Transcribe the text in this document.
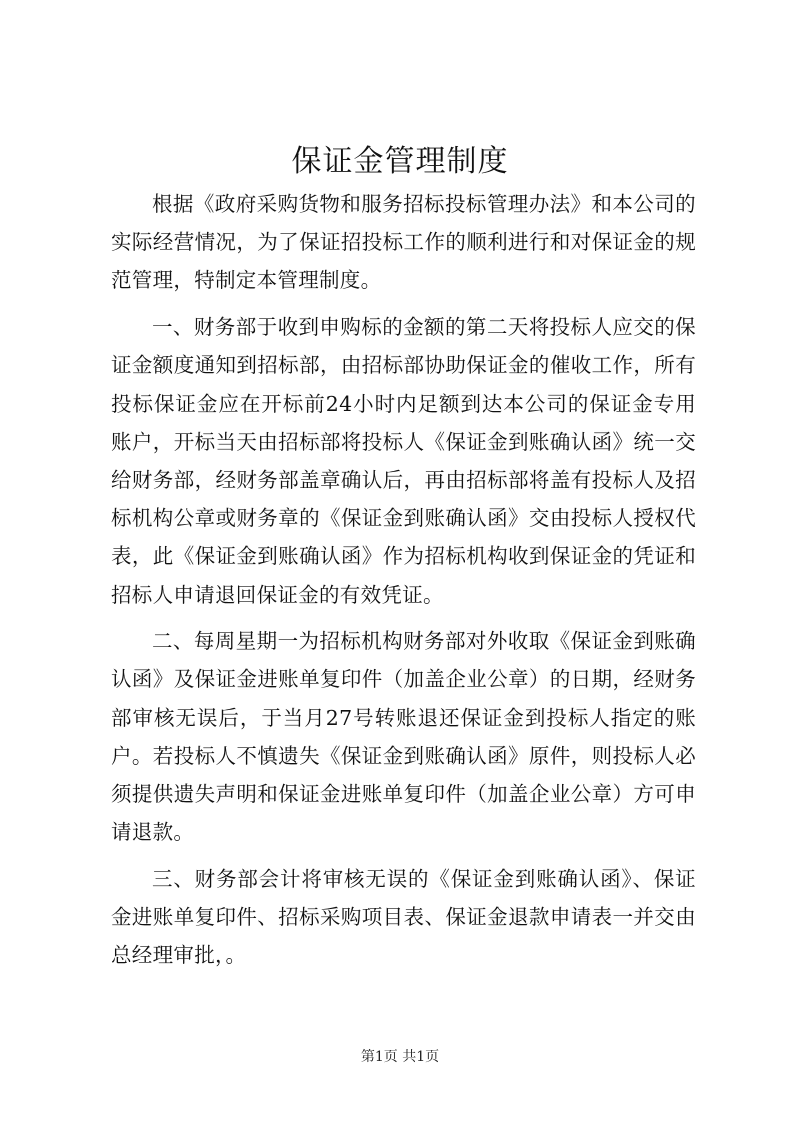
保证金管理制度

根据《政府采购货物和服务招标投标管理办法》和本公司的实际经营情况，为了保证招投标工作的顺利进行和对保证金的规范管理，特制定本管理制度。

一、财务部于收到申购标的金额的第二天将投标人应交的保证金额度通知到招标部，由招标部协助保证金的催收工作，所有投标保证金应在开标前24小时内足额到达本公司的保证金专用账户，开标当天由招标部将投标人《保证金到账确认函》统一交给财务部，经财务部盖章确认后，再由招标部将盖有投标人及招标机构公章或财务章的《保证金到账确认函》交由投标人授权代表，此《保证金到账确认函》作为招标机构收到保证金的凭证和招标人申请退回保证金的有效凭证。

二、每周星期一为招标机构财务部对外收取《保证金到账确认函》及保证金进账单复印件（加盖企业公章）的日期，经财务部审核无误后，于当月27号转账退还保证金到投标人指定的账户。若投标人不慎遗失《保证金到账确认函》原件，则投标人必须提供遗失声明和保证金进账单复印件（加盖企业公章）方可申请退款。

三、财务部会计将审核无误的《保证金到账确认函》、保证金进账单复印件、招标采购项目表、保证金退款申请表一并交由总经理审批，。

第1页 共1页
